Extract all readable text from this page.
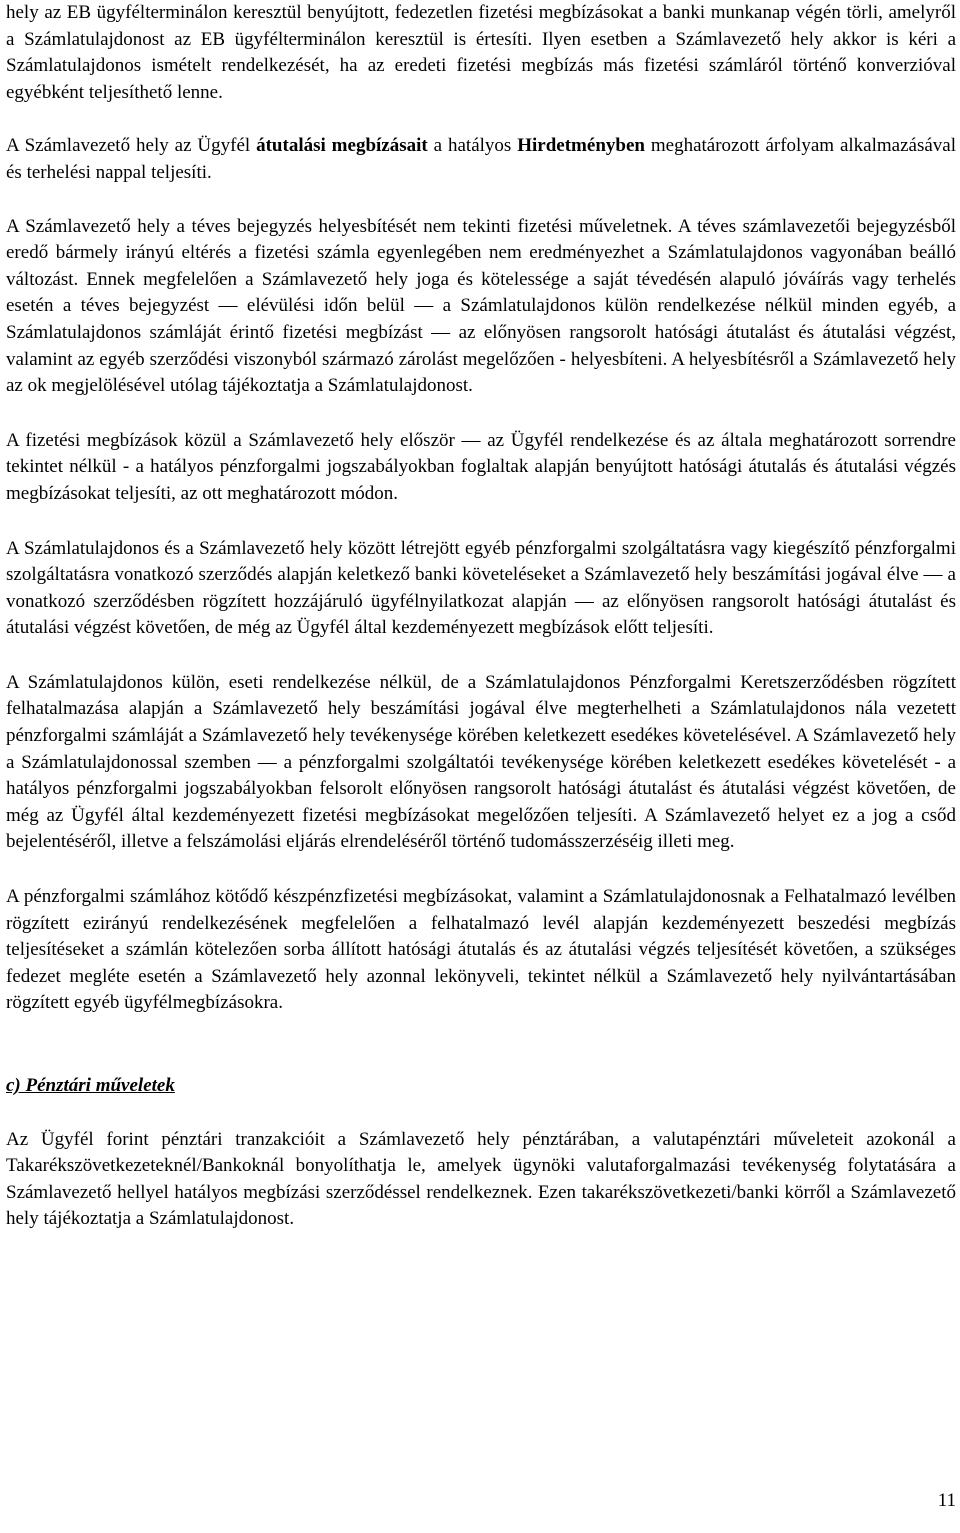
hely az EB ügyfélterminálon keresztül benyújtott, fedezetlen fizetési megbízásokat a banki munkanap végén törli, amelyről a Számlatulajdonost az EB ügyfélterminálon keresztül is értesíti. Ilyen esetben a Számlavezető hely akkor is kéri a Számlatulajdonos ismételt rendelkezését, ha az eredeti fizetési megbízás más fizetési számláról történő konverzióval egyébként teljesíthető lenne.

A Számlavezető hely az Ügyfél átutalási megbízásait a hatályos Hirdetményben meghatározott árfolyam alkalmazásával és terhelési nappal teljesíti.

A Számlavezető hely a téves bejegyzés helyesbítését nem tekinti fizetési műveletnek. A téves számlavezetői bejegyzésből eredő bármely irányú eltérés a fizetési számla egyenlegében nem eredményezhet a Számlatulajdonos vagyonában beálló változást. Ennek megfelelően a Számlavezető hely joga és kötelessége a saját tévedésén alapuló jóváírás vagy terhelés esetén a téves bejegyzést ― elévülési időn belül ― a Számlatulajdonos külön rendelkezése nélkül minden egyéb, a Számlatulajdonos számláját érintő fizetési megbízást ― az előnyösen rangsorolt hatósági átutalást és átutalási végzést, valamint az egyéb szerződési viszonyból származó zárolást megelőzően - helyesbíteni. A helyesbítésről a Számlavezető hely az ok megjelölésével utólag tájékoztatja a Számlatulajdonost.

A fizetési megbízások közül a Számlavezető hely először ― az Ügyfél rendelkezése és az általa meghatározott sorrendre tekintet nélkül - a hatályos pénzforgalmi jogszabályokban foglaltak alapján benyújtott hatósági átutalás és átutalási végzés megbízásokat teljesíti, az ott meghatározott módon.

A Számlatulajdonos és a Számlavezető hely között létrejött egyéb pénzforgalmi szolgáltatásra vagy kiegészítő pénzforgalmi szolgáltatásra vonatkozó szerződés alapján keletkező banki követeléseket a Számlavezető hely beszámítási jogával élve ― a vonatkozó szerződésben rögzített hozzájáruló ügyfélnyilatkozat alapján ― az előnyösen rangsorolt hatósági átutalást és átutalási végzést követően, de még az Ügyfél által kezdeményezett megbízások előtt teljesíti.

A Számlatulajdonos külön, eseti rendelkezése nélkül, de a Számlatulajdonos Pénzforgalmi Keretszerződésben rögzített felhatalmazása alapján a Számlavezető hely beszámítási jogával élve megterhelheti a Számlatulajdonos nála vezetett pénzforgalmi számláját a Számlavezető hely tevékenysége körében keletkezett esedékes követelésével. A Számlavezető hely a Számlatulajdonossal szemben ― a pénzforgalmi szolgáltatói tevékenysége körében keletkezett esedékes követelését - a hatályos pénzforgalmi jogszabályokban felsorolt előnyösen rangsorolt hatósági átutalást és átutalási végzést követően, de még az Ügyfél által kezdeményezett fizetési megbízásokat megelőzően teljesíti. A Számlavezető helyet ez a jog a csőd bejelentéséről, illetve a felszámolási eljárás elrendeléséről történő tudomásszerzéséig illeti meg.

A pénzforgalmi számlához kötődő készpénzfizetési megbízásokat, valamint a Számlatulajdonosnak a Felhatalmazó levélben rögzített ezirányú rendelkezésének megfelelően a felhatalmazó levél alapján kezdeményezett beszedési megbízás teljesítéseket a számlán kötelezően sorba állított hatósági átutalás és az átutalási végzés teljesítését követően, a szükséges fedezet megléte esetén a Számlavezető hely azonnal lekönyveli, tekintet nélkül a Számlavezető hely nyilvántartásában rögzített egyéb ügyfélmegbízásokra.

c) Pénztári műveletek

Az Ügyfél forint pénztári tranzakcióit a Számlavezető hely pénztárában, a valutapénztári műveleteit azokonál a Takarékszövetkezeteknél/Bankoknál bonyolíthatja le, amelyek ügynöki valutaforgalmazási tevékenység folytatására a Számlavezető hellyel hatályos megbízási szerződéssel rendelkeznek. Ezen takarékszövetkezeti/banki körről a Számlavezető hely tájékoztatja a Számlatulajdonost.

11
